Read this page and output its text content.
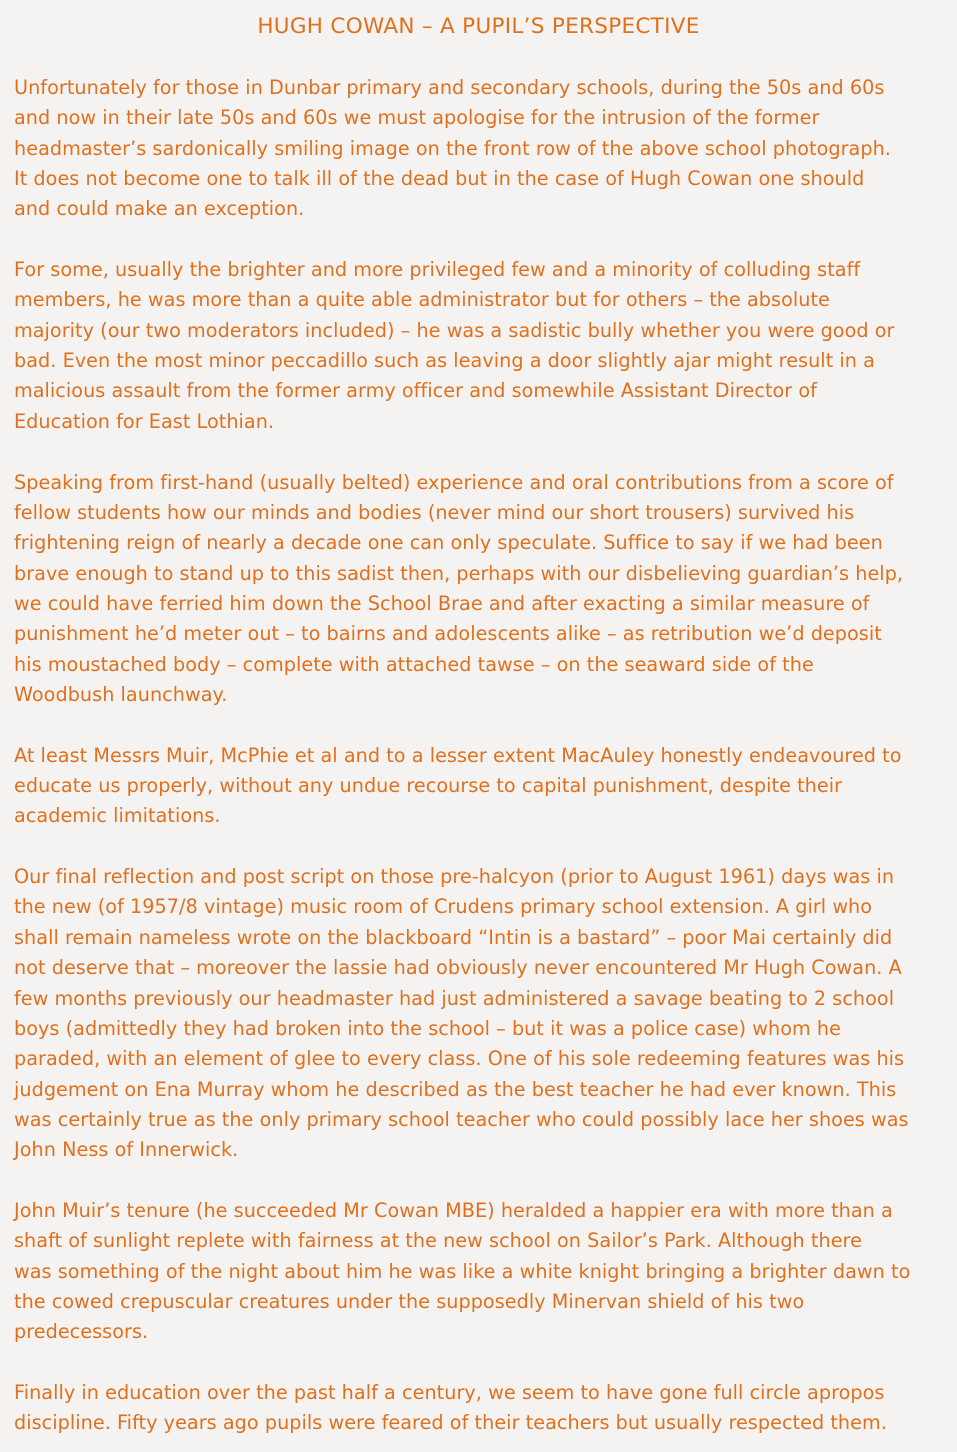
HUGH COWAN – A PUPIL’S PERSPECTIVE
Unfortunately for those in Dunbar primary and secondary schools, during the 50s and 60s
and now in their late 50s and 60s we must apologise for the intrusion of the former
headmaster’s sardonically smiling image on the front row of the above school photograph.
It does not become one to talk ill of the dead but in the case of Hugh Cowan one should
and could make an exception.
For some, usually the brighter and more privileged few and a minority of colluding staff
members, he was more than a quite able administrator but for others – the absolute
majority (our two moderators included) – he was a sadistic bully whether you were good or
bad. Even the most minor peccadillo such as leaving a door slightly ajar might result in a
malicious assault from the former army officer and somewhile Assistant Director of
Education for East Lothian.
Speaking from first-hand (usually belted) experience and oral contributions from a score of
fellow students how our minds and bodies (never mind our short trousers) survived his
frightening reign of nearly a decade one can only speculate. Suffice to say if we had been
brave enough to stand up to this sadist then, perhaps with our disbelieving guardian’s help,
we could have ferried him down the School Brae and after exacting a similar measure of
punishment he’d meter out – to bairns and adolescents alike – as retribution we’d deposit
his moustached body – complete with attached tawse – on the seaward side of the
Woodbush launchway.
At least Messrs Muir, McPhie et al and to a lesser extent MacAuley honestly endeavoured to
educate us properly, without any undue recourse to capital punishment, despite their
academic limitations.
Our final reflection and post script on those pre-halcyon (prior to August 1961) days was in
the new (of 1957/8 vintage) music room of Crudens primary school extension. A girl who
shall remain nameless wrote on the blackboard “Intin is a bastard” – poor Mai certainly did
not deserve that – moreover the lassie had obviously never encountered Mr Hugh Cowan. A
few months previously our headmaster had just administered a savage beating to 2 school
boys (admittedly they had broken into the school – but it was a police case) whom he
paraded, with an element of glee to every class. One of his sole redeeming features was his
judgement on Ena Murray whom he described as the best teacher he had ever known. This
was certainly true as the only primary school teacher who could possibly lace her shoes was
John Ness of Innerwick.
John Muir’s tenure (he succeeded Mr Cowan MBE) heralded a happier era with more than a
shaft of sunlight replete with fairness at the new school on Sailor’s Park. Although there
was something of the night about him he was like a white knight bringing a brighter dawn to
the cowed crepuscular creatures under the supposedly Minervan shield of his two
predecessors.
Finally in education over the past half a century, we seem to have gone full circle apropos
discipline. Fifty years ago pupils were feared of their teachers but usually respected them.
